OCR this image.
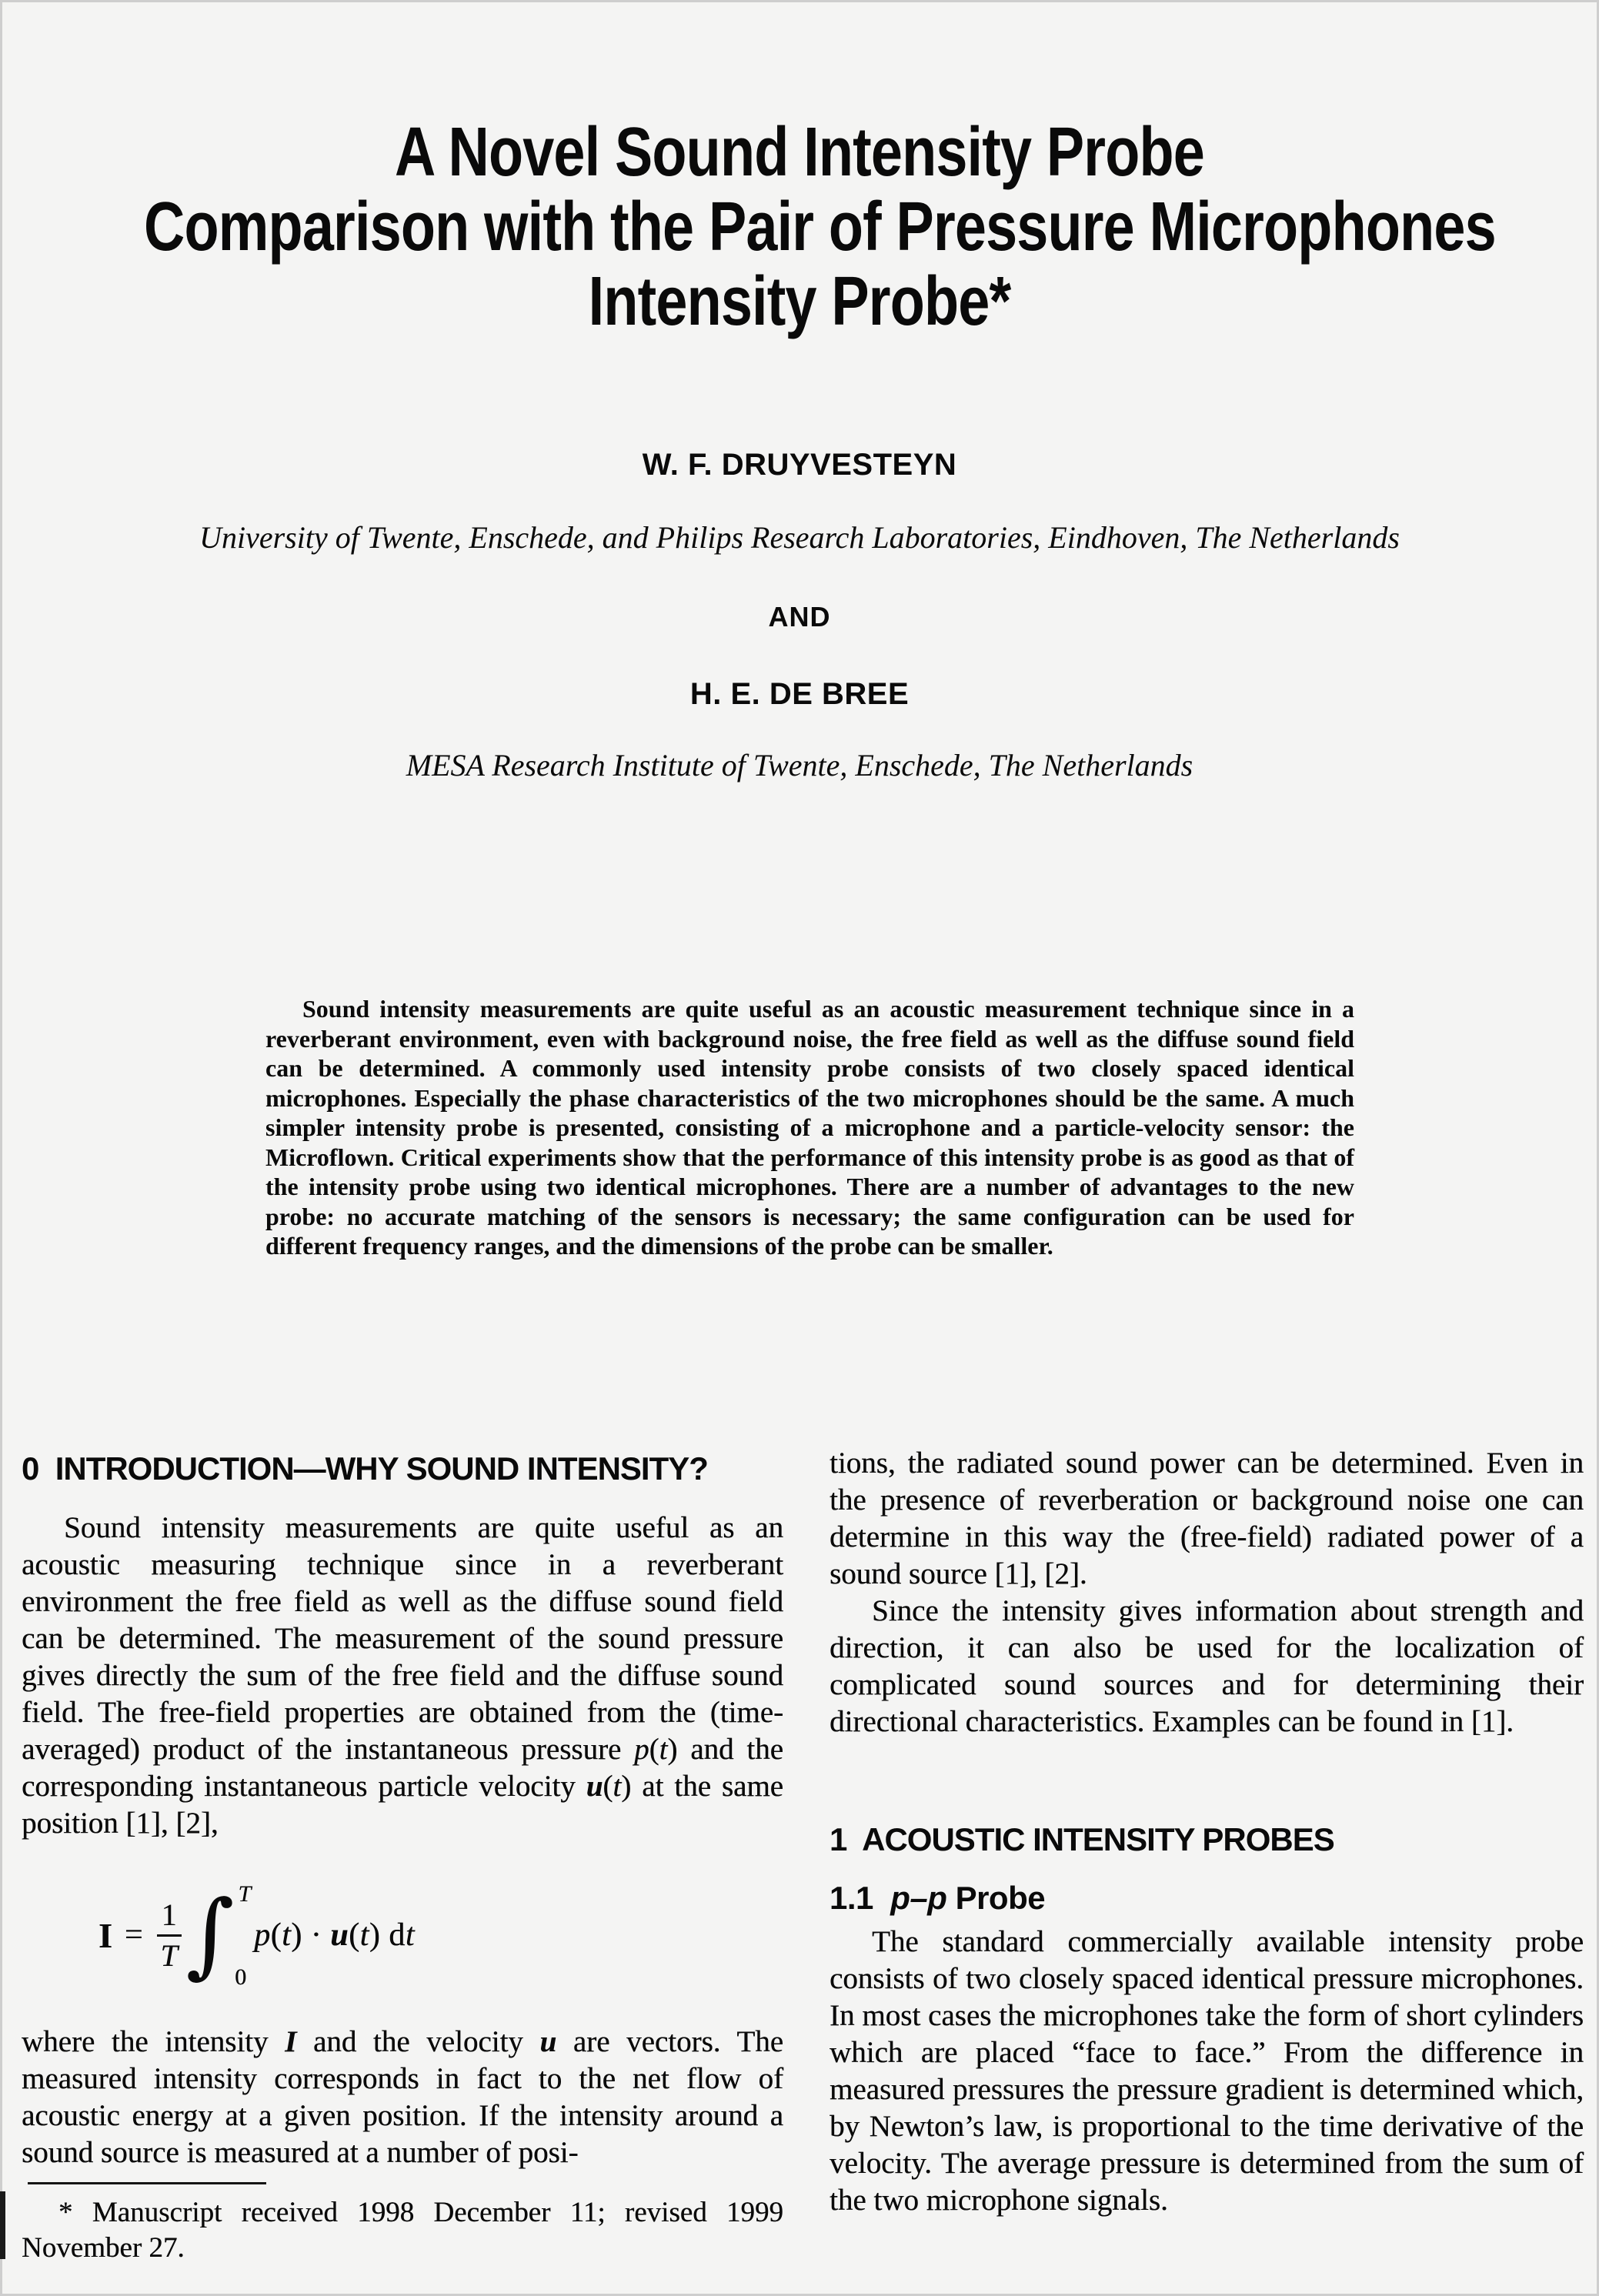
A Novel Sound Intensity Probe
Comparison with the Pair of Pressure Microphones
Intensity Probe*
W. F. DRUYVESTEYN
University of Twente, Enschede, and Philips Research Laboratories, Eindhoven, The Netherlands
AND
H. E. DE BREE
MESA Research Institute of Twente, Enschede, The Netherlands
Sound intensity measurements are quite useful as an acoustic measurement technique since in a reverberant environment, even with background noise, the free field as well as the diffuse sound field can be determined. A commonly used intensity probe consists of two closely spaced identical microphones. Especially the phase characteristics of the two microphones should be the same. A much simpler intensity probe is presented, consisting of a microphone and a particle-velocity sensor: the Microflown. Critical experiments show that the performance of this intensity probe is as good as that of the intensity probe using two identical microphones. There are a number of advantages to the new probe: no accurate matching of the sensors is necessary; the same configuration can be used for different frequency ranges, and the dimensions of the probe can be smaller.
0  INTRODUCTION—WHY SOUND INTENSITY?

Sound intensity measurements are quite useful as an acoustic measuring technique since in a reverberant environment the free field as well as the diffuse sound field can be determined. The measurement of the sound pressure gives directly the sum of the free field and the diffuse sound field. The free-field properties are obtained from the (time-averaged) product of the instantaneous pressure p(t) and the corresponding instantaneous particle velocity u(t) at the same position [1], [2],

$I = \frac{1}{T}$ ∫ T
0
p(t) · u(t) dt

where the intensity I and the velocity u are vectors. The measured intensity corresponds in fact to the net flow of acoustic energy at a given position. If the intensity around a sound source is measured at a number of posi-

* Manuscript received 1998 December 11; revised 1999 November 27.

tions, the radiated sound power can be determined. Even in the presence of reverberation or background noise one can determine in this way the (free-field) radiated power of a sound source [1], [2].

Since the intensity gives information about strength and direction, it can also be used for the localization of complicated sound sources and for determining their directional characteristics. Examples can be found in [1].

1  ACOUSTIC INTENSITY PROBES
1.1  p–p Probe

The standard commercially available intensity probe consists of two closely spaced identical pressure microphones. In most cases the microphones take the form of short cylinders which are placed “face to face.” From the difference in measured pressures the pressure gradient is determined which, by Newton’s law, is proportional to the time derivative of the velocity. The average pressure is determined from the sum of the two microphone signals.
